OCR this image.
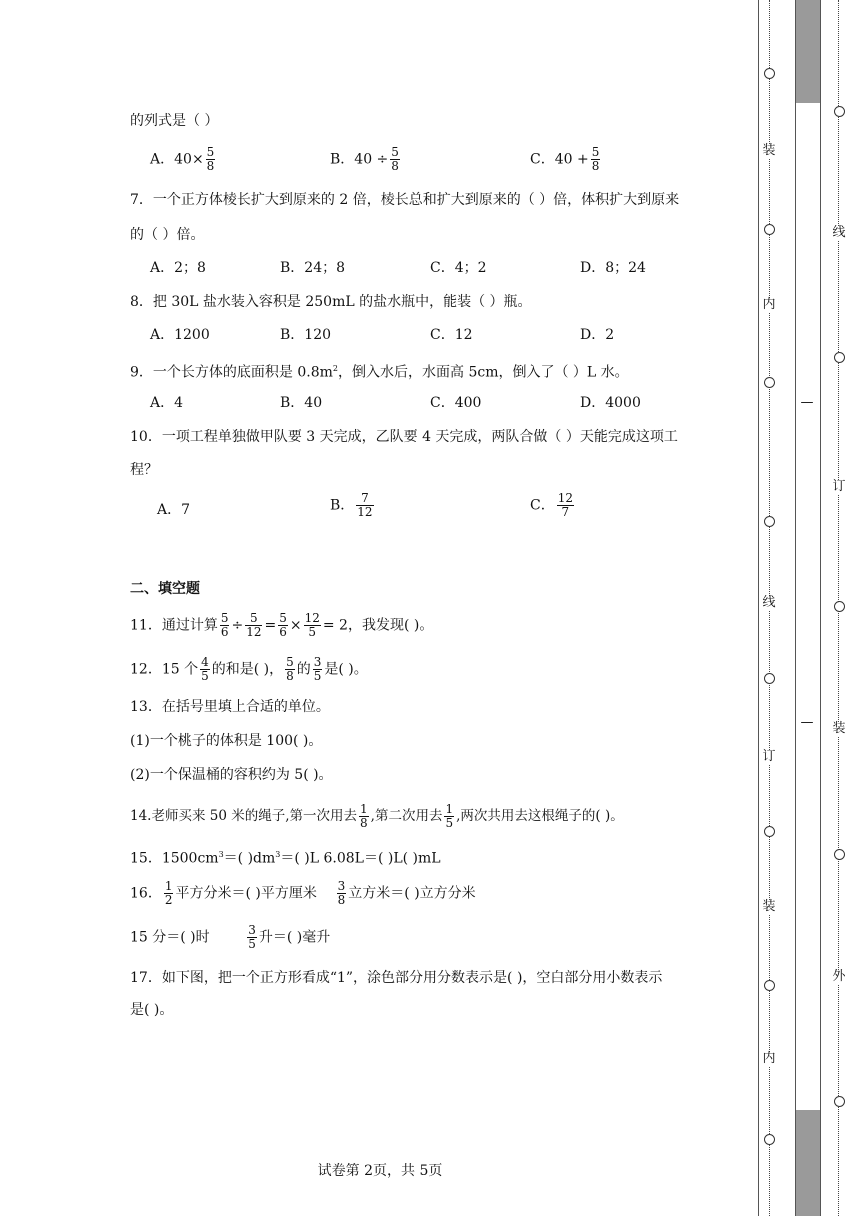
的列式是（ ）
A．$40\times \frac{5}{8}$	B．$40 \div \frac{5}{8}$	C．$40 + \frac{5}{8}$
7．一个正方体棱长扩大到原来的 2 倍，棱长总和扩大到原来的（ ）倍，体积扩大到原来
的（ ）倍。
A．2；8	B．24；8	C．4；2	D．8；24
8．把 30L 盐水装入容积是 250mL 的盐水瓶中，能装（ ）瓶。
A．1200	B．120	C．12	D．2
9．一个长方体的底面积是 $0.8m^2$，倒入水后，水面高 5cm，倒入了（ ）L 水。
A．4	B．40	C．400	D．4000
10．一项工程单独做甲队要 3 天完成，乙队要 4 天完成，两队合做（ ）天能完成这项工
程？
A．7	B． $\frac{7}{12}$	C． $\frac{12}{7}$
二、填空题
11．通过计算 $\frac{5}{6} \div \frac{5}{12} = \frac{5}{6} \times \frac{12}{5} = 2$，我发现( )。
12．15 个 $\frac{4}{5}$ 的和是( )， $\frac{5}{8}$ 的 $\frac{3}{5}$ 是( )。
13．在括号里填上合适的单位。
(1)一个桃子的体积是 100( )。
(2)一个保温桶的容积约为 5( )。
14.老师买来 50 米的绳子,第一次用去 $\frac{1}{8}$ ,第二次用去 $\frac{1}{5}$ ,两次共用去这根绳子的( )。
15．$1500cm^3=$( )$dm^3=$( )L 6.08L＝( )L( )mL
16． $\frac{1}{2}$ 平方分米＝( )平方厘米 $\frac{3}{8}$ 立方米＝( )立方分米
15 分＝( )时	$\frac{3}{5}$ 升＝( )毫升
17．如下图，把一个正方形看成“1”，涂色部分用分数表示是( )，空白部分用小数表示
是( )。
试卷第 2页，共 5页
装
内
线
订
装
内
—
—
线
订
装
外
